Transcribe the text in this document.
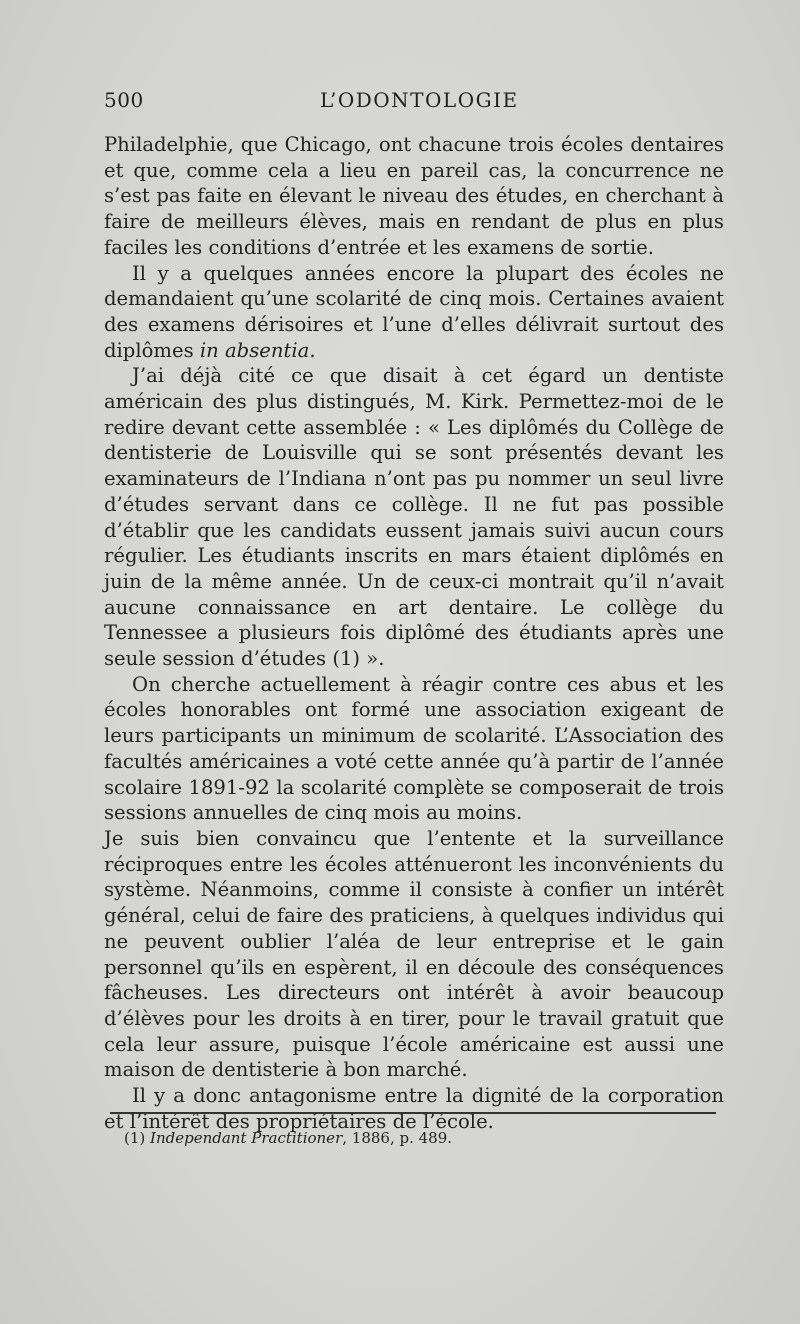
500	L’ODONTOLOGIE

Philadelphie, que Chicago, ont chacune trois écoles dentaires et que, comme cela a lieu en pareil cas, la concurrence ne s’est pas faite en élevant le niveau des études, en cherchant à faire de meilleurs élèves, mais en rendant de plus en plus faciles les conditions d’entrée et les examens de sortie.

Il y a quelques années encore la plupart des écoles ne demandaient qu’une scolarité de cinq mois. Certaines avaient des examens dérisoires et l’une d’elles délivrait surtout des diplômes in absentia.

J’ai déjà cité ce que disait à cet égard un dentiste américain des plus distingués, M. Kirk. Permettez-moi de le redire devant cette assemblée : « Les diplômés du Collège de dentisterie de Louisville qui se sont présentés devant les examinateurs de l’Indiana n’ont pas pu nommer un seul livre d’études servant dans ce collège. Il ne fut pas possible d’établir que les candidats eussent jamais suivi aucun cours régulier. Les étudiants inscrits en mars étaient diplômés en juin de la même année. Un de ceux-ci montrait qu’il n’avait aucune connaissance en art dentaire. Le collège du Tennessee a plusieurs fois diplômé des étudiants après une seule session d’études (1) ».

On cherche actuellement à réagir contre ces abus et les écoles honorables ont formé une association exigeant de leurs participants un minimum de scolarité. L’Association des facultés américaines a voté cette année qu’à partir de l’année scolaire 1891-92 la scolarité complète se composerait de trois sessions annuelles de cinq mois au moins.

Je suis bien convaincu que l’entente et la surveillance réciproques entre les écoles atténueront les inconvénients du système. Néanmoins, comme il consiste à confier un intérêt général, celui de faire des praticiens, à quelques individus qui ne peuvent oublier l’aléa de leur entreprise et le gain personnel qu’ils en espèrent, il en découle des conséquences fâcheuses. Les directeurs ont intérêt à avoir beaucoup d’élèves pour les droits à en tirer, pour le travail gratuit que cela leur assure, puisque l’école américaine est aussi une maison de dentisterie à bon marché.

Il y a donc antagonisme entre la dignité de la corporation et l’intérêt des propriétaires de l’école.

(1) Independant Practitioner, 1886, p. 489.
